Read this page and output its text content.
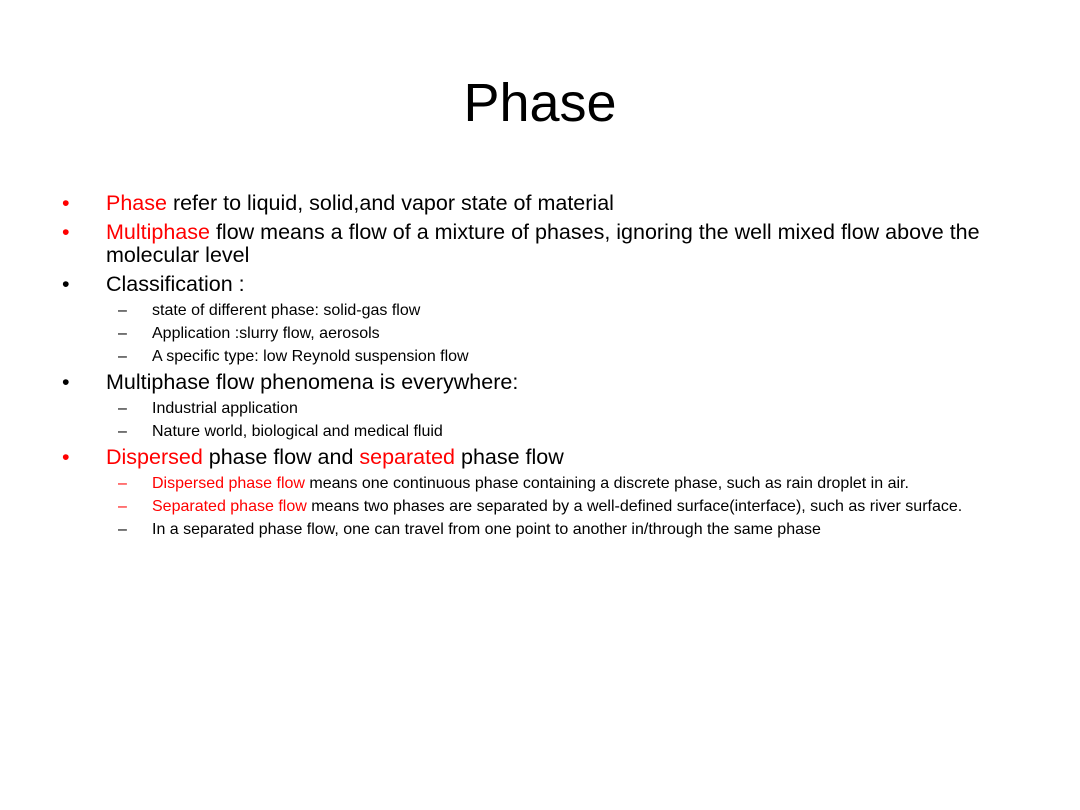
Phase
•	Phase refer to liquid, solid,and vapor state of material
•	Multiphase flow means a flow of a mixture of phases, ignoring the well mixed flow above the molecular level
•	Classification :
– state of different phase: solid-gas flow
– Application :slurry flow, aerosols
– A specific type: low Reynold suspension flow
•	Multiphase flow phenomena is everywhere:
– Industrial application
– Nature world, biological and medical fluid
•	Dispersed phase flow and separated phase flow
– Dispersed phase flow means one continuous phase containing a discrete phase, such as rain droplet in air.
– Separated phase flow means two phases are separated by a well-defined surface(interface), such as river surface.
– In a separated phase flow, one can travel from one point to another in/through the same phase
